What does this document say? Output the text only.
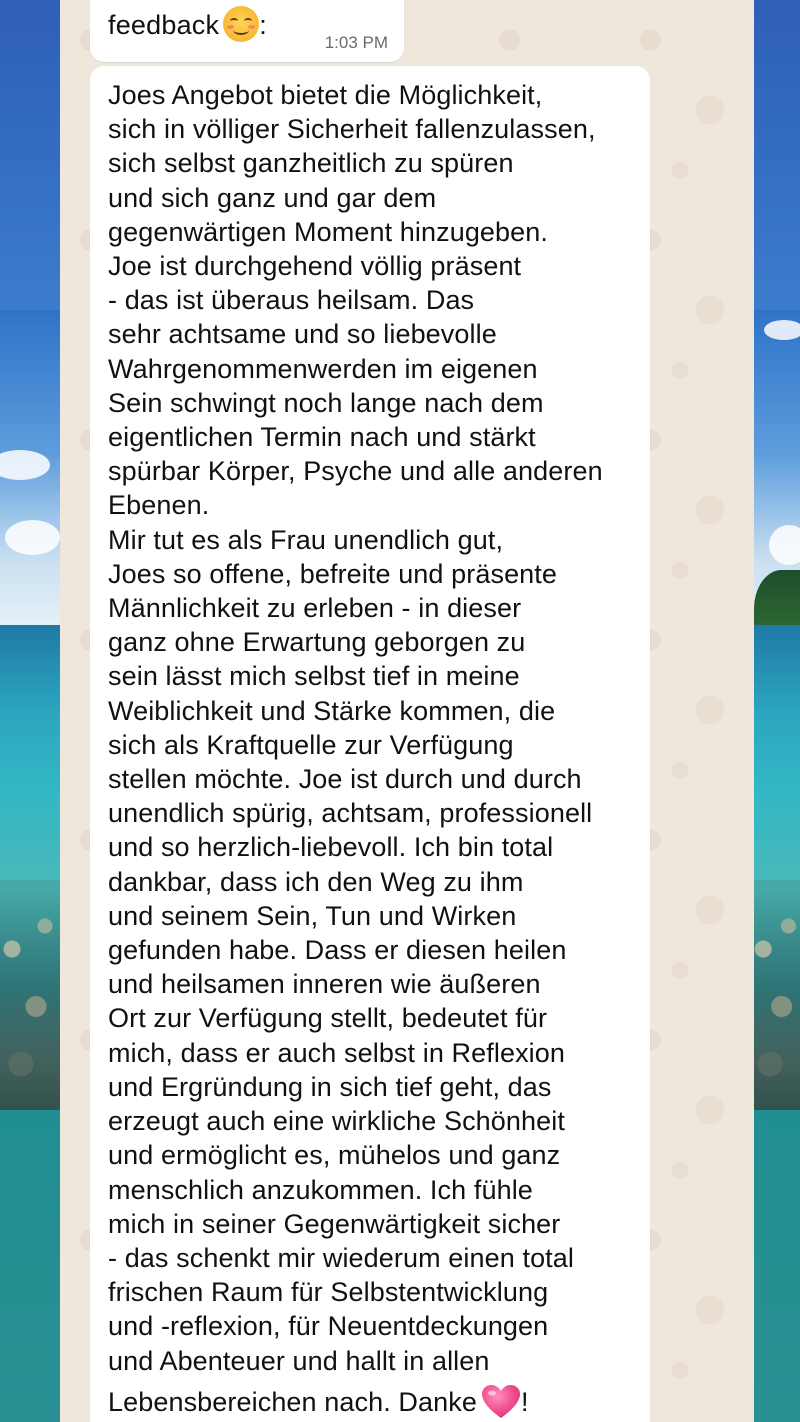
feedback :
1:03 PM
Joes Angebot bietet die Möglichkeit,
sich in völliger Sicherheit fallenzulassen,
sich selbst ganzheitlich zu spüren
und sich ganz und gar dem
gegenwärtigen Moment hinzugeben.
Joe ist durchgehend völlig präsent
- das ist überaus heilsam. Das
sehr achtsame und so liebevolle
Wahrgenommenwerden im eigenen
Sein schwingt noch lange nach dem
eigentlichen Termin nach und stärkt
spürbar Körper, Psyche und alle anderen
Ebenen.
Mir tut es als Frau unendlich gut,
Joes so offene, befreite und präsente
Männlichkeit zu erleben - in dieser
ganz ohne Erwartung geborgen zu
sein lässt mich selbst tief in meine
Weiblichkeit und Stärke kommen, die
sich als Kraftquelle zur Verfügung
stellen möchte. Joe ist durch und durch
unendlich spürig, achtsam, professionell
und so herzlich-liebevoll. Ich bin total
dankbar, dass ich den Weg zu ihm
und seinem Sein, Tun und Wirken
gefunden habe. Dass er diesen heilen
und heilsamen inneren wie äußeren
Ort zur Verfügung stellt, bedeutet für
mich, dass er auch selbst in Reflexion
und Ergründung in sich tief geht, das
erzeugt auch eine wirkliche Schönheit
und ermöglicht es, mühelos und ganz
menschlich anzukommen. Ich fühle
mich in seiner Gegenwärtigkeit sicher
- das schenkt mir wiederum einen total
frischen Raum für Selbstentwicklung
und -reflexion, für Neuentdeckungen
und Abenteuer und hallt in allen
Lebensbereichen nach. Danke !
